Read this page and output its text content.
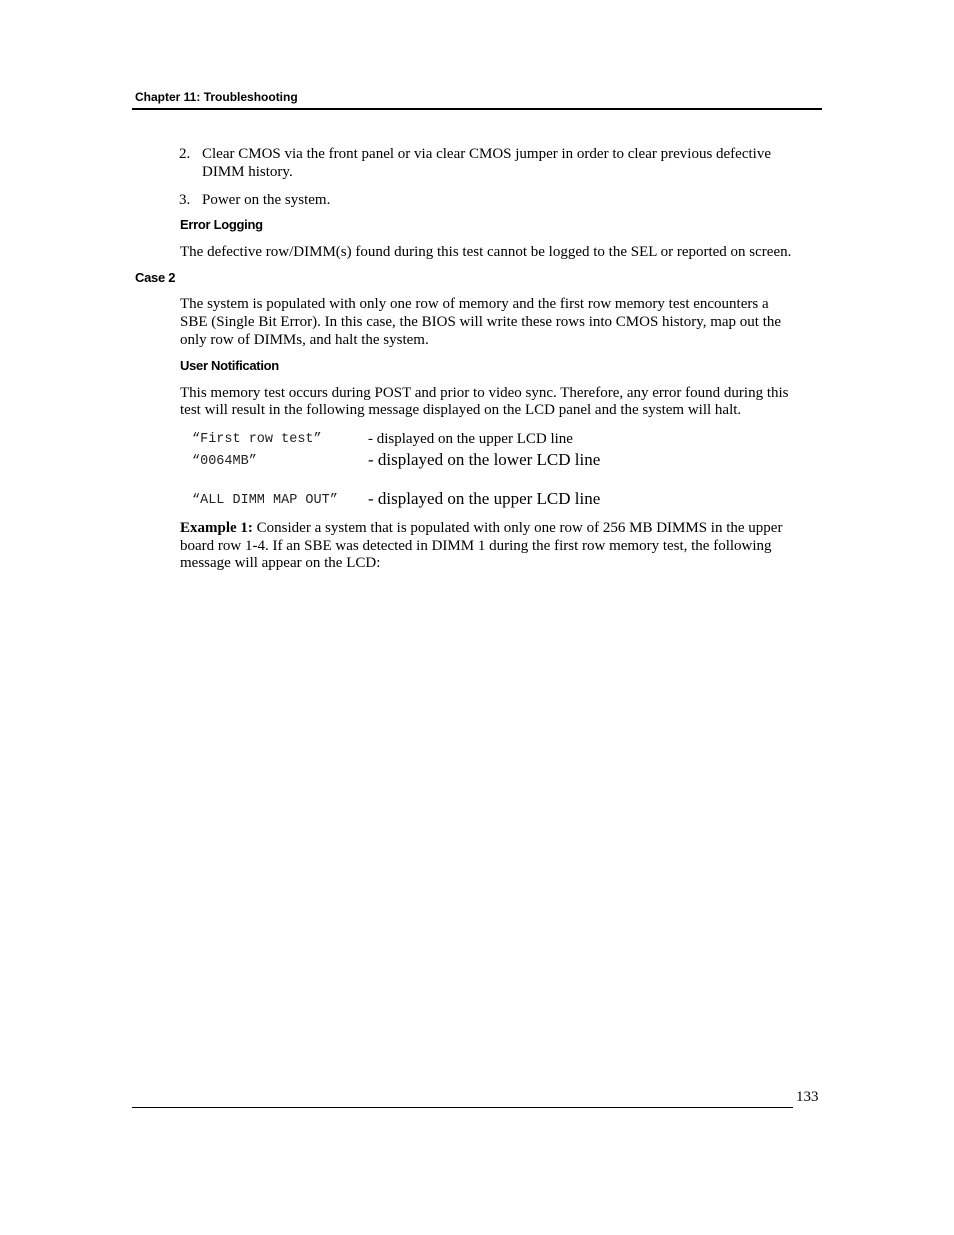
Chapter 11: Troubleshooting
2. Clear CMOS via the front panel or via clear CMOS jumper in order to clear previous defective
DIMM history.
3. Power on the system.
Error Logging
The defective row/DIMM(s) found during this test cannot be logged to the SEL or reported on screen.
Case 2
The system is populated with only one row of memory and the first row memory test encounters a
SBE (Single Bit Error). In this case, the BIOS will write these rows into CMOS history, map out the
only row of DIMMs, and halt the system.
User Notification
This memory test occurs during POST and prior to video sync. Therefore, any error found during this
test will result in the following message displayed on the LCD panel and the system will halt.
“First row test”	- displayed on the upper LCD line
“0064MB”	- displayed on the lower LCD line
“ALL DIMM MAP OUT” - displayed on the upper LCD line
Example 1: Consider a system that is populated with only one row of 256 MB DIMMS in the upper
board row 1-4. If an SBE was detected in DIMM 1 during the first row memory test, the following
message will appear on the LCD:
133
